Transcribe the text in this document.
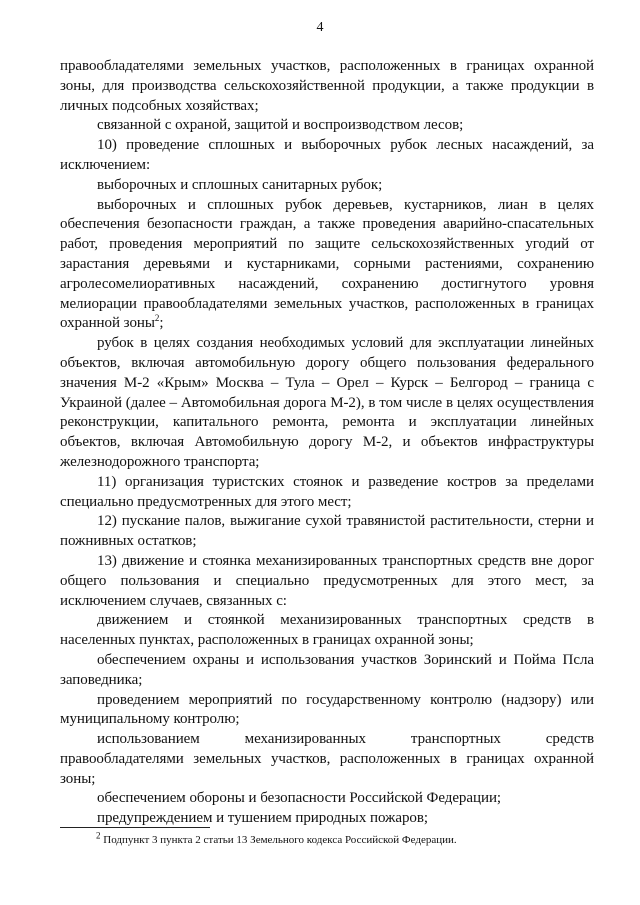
4

правообладателями земельных участков, расположенных в границах охранной зоны, для производства сельскохозяйственной продукции, а также продукции в личных подсобных хозяйствах;

связанной с охраной, защитой и воспроизводством лесов;

10) проведение сплошных и выборочных рубок лесных насаждений, за исключением:

выборочных и сплошных санитарных рубок;

выборочных и сплошных рубок деревьев, кустарников, лиан в целях обеспечения безопасности граждан, а также проведения аварийно-спасательных работ, проведения мероприятий по защите сельскохозяйственных угодий от зарастания деревьями и кустарниками, сорными растениями, сохранению агролесомелиоративных насаждений, сохранению достигнутого уровня мелиорации правообладателями земельных участков, расположенных в границах охранной зоны$^2$;

рубок в целях создания необходимых условий для эксплуатации линейных объектов, включая автомобильную дорогу общего пользования федерального значения М-2 «Крым» Москва – Тула – Орел – Курск – Белгород – граница с Украиной (далее – Автомобильная дорога М-2), в том числе в целях осуществления реконструкции, капитального ремонта, ремонта и эксплуатации линейных объектов, включая Автомобильную дорогу М-2, и объектов инфраструктуры железнодорожного транспорта;

11) организация туристских стоянок и разведение костров за пределами специально предусмотренных для этого мест;

12) пускание палов, выжигание сухой травянистой растительности, стерни и пожнивных остатков;

13) движение и стоянка механизированных транспортных средств вне дорог общего пользования и специально предусмотренных для этого мест, за исключением случаев, связанных с:

движением и стоянкой механизированных транспортных средств в населенных пунктах, расположенных в границах охранной зоны;

обеспечением охраны и использования участков Зоринский и Пойма Псла заповедника;

проведением мероприятий по государственному контролю (надзору) или муниципальному контролю;

использованием механизированных транспортных средств правообладателями земельных участков, расположенных в границах охранной зоны;

обеспечением обороны и безопасности Российской Федерации;

предупреждением и тушением природных пожаров;

$^2$ Подпункт 3 пункта 2 статьи 13 Земельного кодекса Российской Федерации.
